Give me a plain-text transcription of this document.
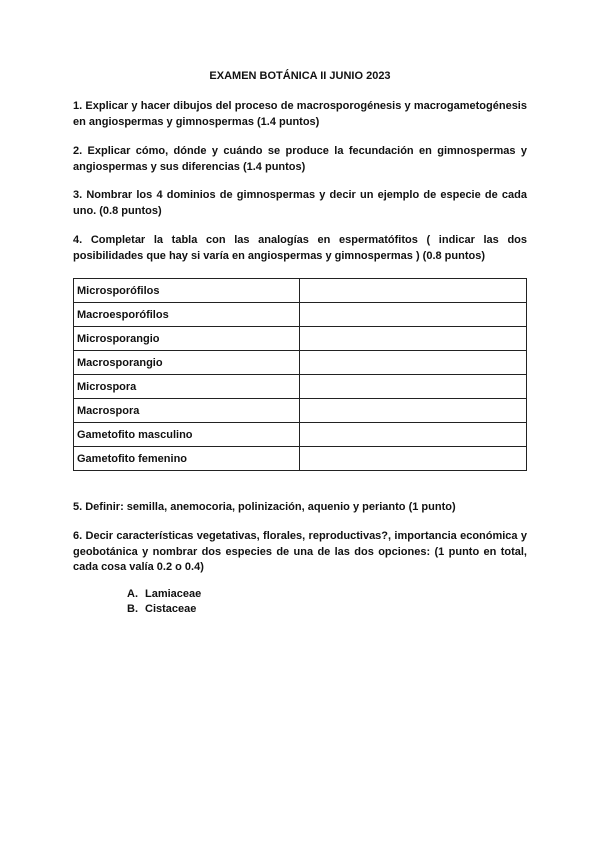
EXAMEN BOTÁNICA II JUNIO 2023
1. Explicar y hacer dibujos del proceso de macrosporogénesis y macrogametogénesis en angiospermas y gimnospermas (1.4 puntos)
2. Explicar cómo, dónde y cuándo se produce la fecundación en gimnospermas y angiospermas y sus diferencias (1.4 puntos)
3. Nombrar los 4 dominios de gimnospermas y decir un ejemplo de especie de cada uno. (0.8 puntos)
4. Completar la tabla con las analogías en espermatófitos ( indicar las dos posibilidades que hay si varía en angiospermas y gimnospermas ) (0.8 puntos)
Microsporófilos	
Macroesporófilos	
Microsporangio	
Macrosporangio	
Microspora	
Macrospora	
Gametofito masculino	
Gametofito femenino	
5. Definir: semilla, anemocoria, polinización, aquenio y perianto (1 punto)
6. Decir características vegetativas, florales, reproductivas?, importancia económica y geobotánica y nombrar dos especies de una de las dos opciones: (1 punto en total, cada cosa valía 0.2 o 0.4)
A. Lamiaceae
B. Cistaceae
